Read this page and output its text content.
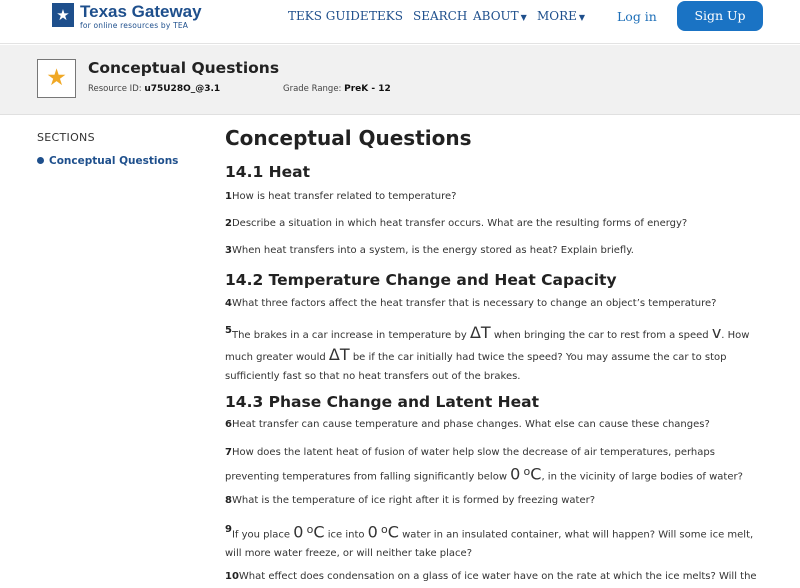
★ Texas Gateway
for online resources by TEA
TEKS GUIDE TEKS SEARCH ABOUT ▼ MORE ▼	Log in	Sign Up
★	Conceptual Questions
Resource ID: u75U28O_@3.1	Grade Range: PreK - 12
SECTIONS
Conceptual Questions
Conceptual Questions
14.1 Heat
1How is heat transfer related to temperature?
2Describe a situation in which heat transfer occurs. What are the resulting forms of energy?
3When heat transfers into a system, is the energy stored as heat? Explain briefly.
14.2 Temperature Change and Heat Capacity
4What three factors affect the heat transfer that is necessary to change an object’s temperature?
5The brakes in a car increase in temperature by ΔT when bringing the car to rest from a speed v. How much greater would ΔT be if the car initially had twice the speed? You may assume the car to stop sufficiently fast so that no heat transfers out of the brakes.
14.3 Phase Change and Latent Heat
6Heat transfer can cause temperature and phase changes. What else can cause these changes?
7How does the latent heat of fusion of water help slow the decrease of air temperatures, perhaps preventing temperatures from falling significantly below 0 $^o$C, in the vicinity of large bodies of water?
8What is the temperature of ice right after it is formed by freezing water?
9If you place 0 $^o$C ice into 0 $^o$C water in an insulated container, what will happen? Will some ice melt, will more water freeze, or will neither take place?
10What effect does condensation on a glass of ice water have on the rate at which the ice melts? Will the
